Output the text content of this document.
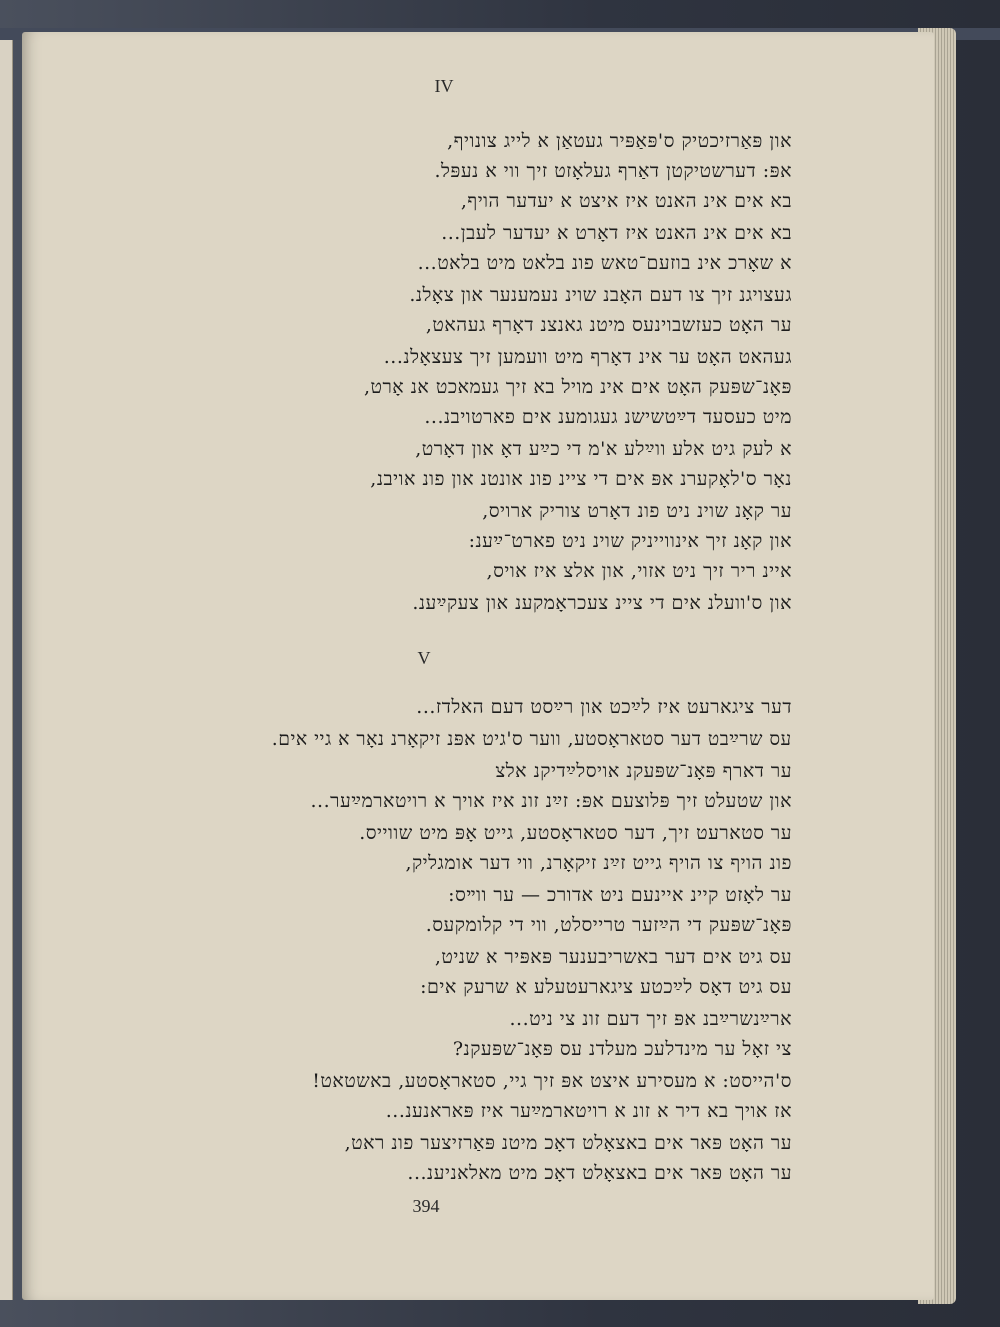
IV
און פּאַרזיכטיק ס'פּאַפּיר געטאַן א לייג צונויף,
אפּ: דערשטיקטן דאַרף געלאָזט זיך ווי א נעפּל.
בא אים אינ האנט איז איצט א יעדער הויף,
בא אים אינ האנט איז דאָרט א יעדער לעבן...
א שאָרכ אינ בוזעם־טאש פונ בלאט מיט בלאט...
געצויגנ זיך צו דעם האָבנ שוינ נעמענער און צאָלנ.
ער האָט כעזשבוינעס מיטנ גאנצנ דאָרף געהאט,
געהאט האָט ער אינ דאָרף מיט וועמען זיך צעצאָלנ...
פּאָנ־שפּעק האָט אים אינ מויל בא זיך געמאכט אנ אָרט,
מיט כעסעד דײַטשישנ געגומענ אים פארטויבנ...
א לעק גיט אלע ווײַלע א'מ די כײַע דאָ און דאָרט,
נאָר ס'לאָקערנ אפּ אים די ציינ פונ אונטנ און פונ אויבנ,
ער קאָנ שוינ ניט פונ דאָרט צוריק ארויס,
און קאָנ זיך אינווייניק שוינ ניט פארט־ײַענ:
איינ ריר זיך ניט אזוי, און אלצ איז אויס,
און ס'וועלנ אים די ציינ צעכראָמקענ און צעקײַענ.
V
דער ציגארעט איז לײַכט און רײַסט דעם האלדז...
עס שרײַבט דער סטאראָסטע, ווער ס'גיט אפּנ זיקאָרנ נאָר א גיי אים.
ער דארף פּאָנ־שפּעקנ אויסלײַדיקנ אלצ
און שטעלט זיך פּלוצעם אפּ: זײַנ זונ איז אויך א רויטארמײַער...
ער סטארעט זיך, דער סטאראָסטע, גייט אָפּ מיט שווייס.
פונ הויף צו הויף גייט זײַנ זיקאָרנ, ווי דער אומגליק,
ער לאָזט קיינ איינעם ניט אדורכ — ער ווײס:
פּאָנ־שפּעק די הײַזער טרייסלט, ווי די קלומקעס.
עס גיט אים דער באשריבענער פּאפּיר א שניט,
עס גיט דאָס לײַכטע ציגארעטעלע א שרעק אים:
ארײַנשרײַבנ אפּ זיך דעם זונ צי ניט...
צי זאָל ער מינדלעכ מעלדנ עס פּאָנ־שפּעקנ?
ס'הייסט: א מעסירע איצט אפּ זיך גיי, סטאראָסטע, באשטאט!
אז אויך בא דיר א זונ א רויטארמײַער איז פּאראנענ...
ער האָט פּאר אים באצאָלט דאָכ מיטנ פּאַרזיצער פונ ראט,
ער האָט פּאר אים באצאָלט דאָכ מיט מאלאניענ...
394
